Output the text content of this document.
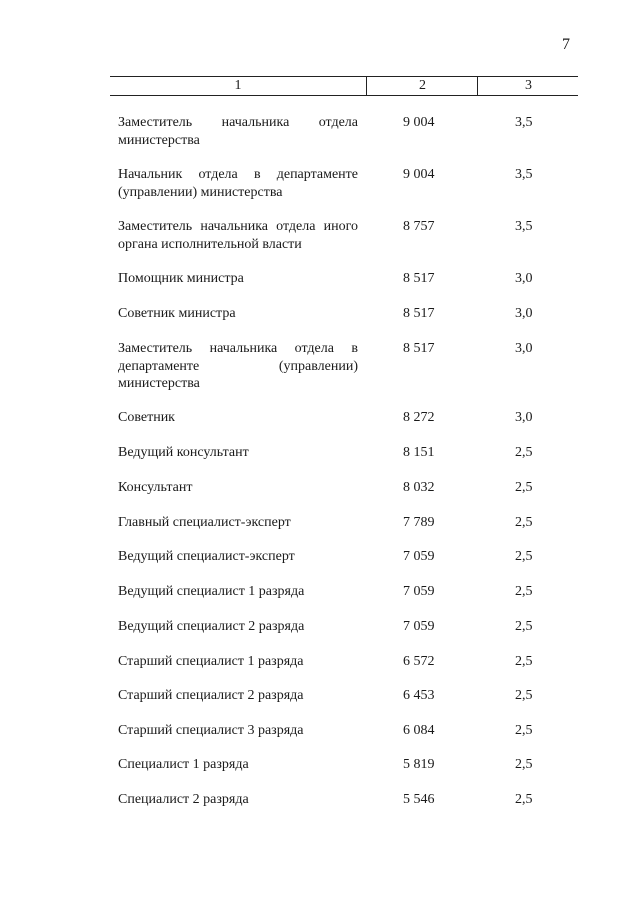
7
1	2	3
Заместитель начальника отдела министерства
9 004	3,5
Начальник отдела в департаменте (управлении) министерства
9 004	3,5
Заместитель начальника отдела иного органа исполнительной власти
8 757	3,5
Помощник министра	8 517	3,0
Советник министра	8 517	3,0
Заместитель начальника отдела в департаменте (управлении) министерства
8 517	3,0
Советник	8 272	3,0
Ведущий консультант	8 151	2,5
Консультант	8 032	2,5
Главный специалист-эксперт	7 789	2,5
Ведущий специалист-эксперт	7 059	2,5
Ведущий специалист 1 разряда	7 059	2,5
Ведущий специалист 2 разряда	7 059	2,5
Старший специалист 1 разряда	6 572	2,5
Старший специалист 2 разряда	6 453	2,5
Старший специалист 3 разряда	6 084	2,5
Специалист 1 разряда	5 819	2,5
Специалист 2 разряда	5 546	2,5
